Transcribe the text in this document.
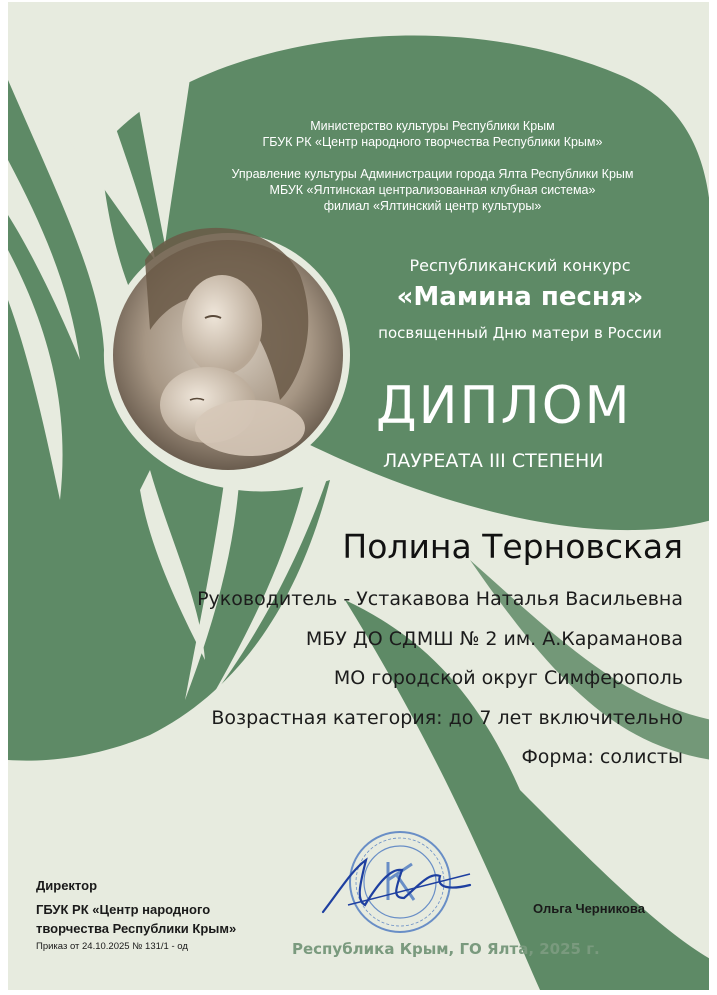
Министерство культуры Республики Крым

ГБУК РК «Центр народного творчества Республики Крым»

Управление культуры Администрации города Ялта Республики Крым

МБУК «Ялтинская централизованная клубная система»

филиал «Ялтинский центр культуры»

Республиканский конкурс

«Мамина песня»

посвященный Дню матери в России

ДИПЛОМ

ЛАУРЕАТА III СТЕПЕНИ

Полина Терновская

Руководитель - Устакавова Наталья Васильевна

МБУ ДО СДМШ № 2 им. А.Караманова

МО городской округ Симферополь

Возрастная категория: до 7 лет включительно

Форма: солисты

Директор

ГБУК РК «Центр народного

творчества Республики Крым»

Приказ от 24.10.2025 № 131/1 - од

Ольга Черникова

Республика Крым, ГО Ялта, 2025 г.
